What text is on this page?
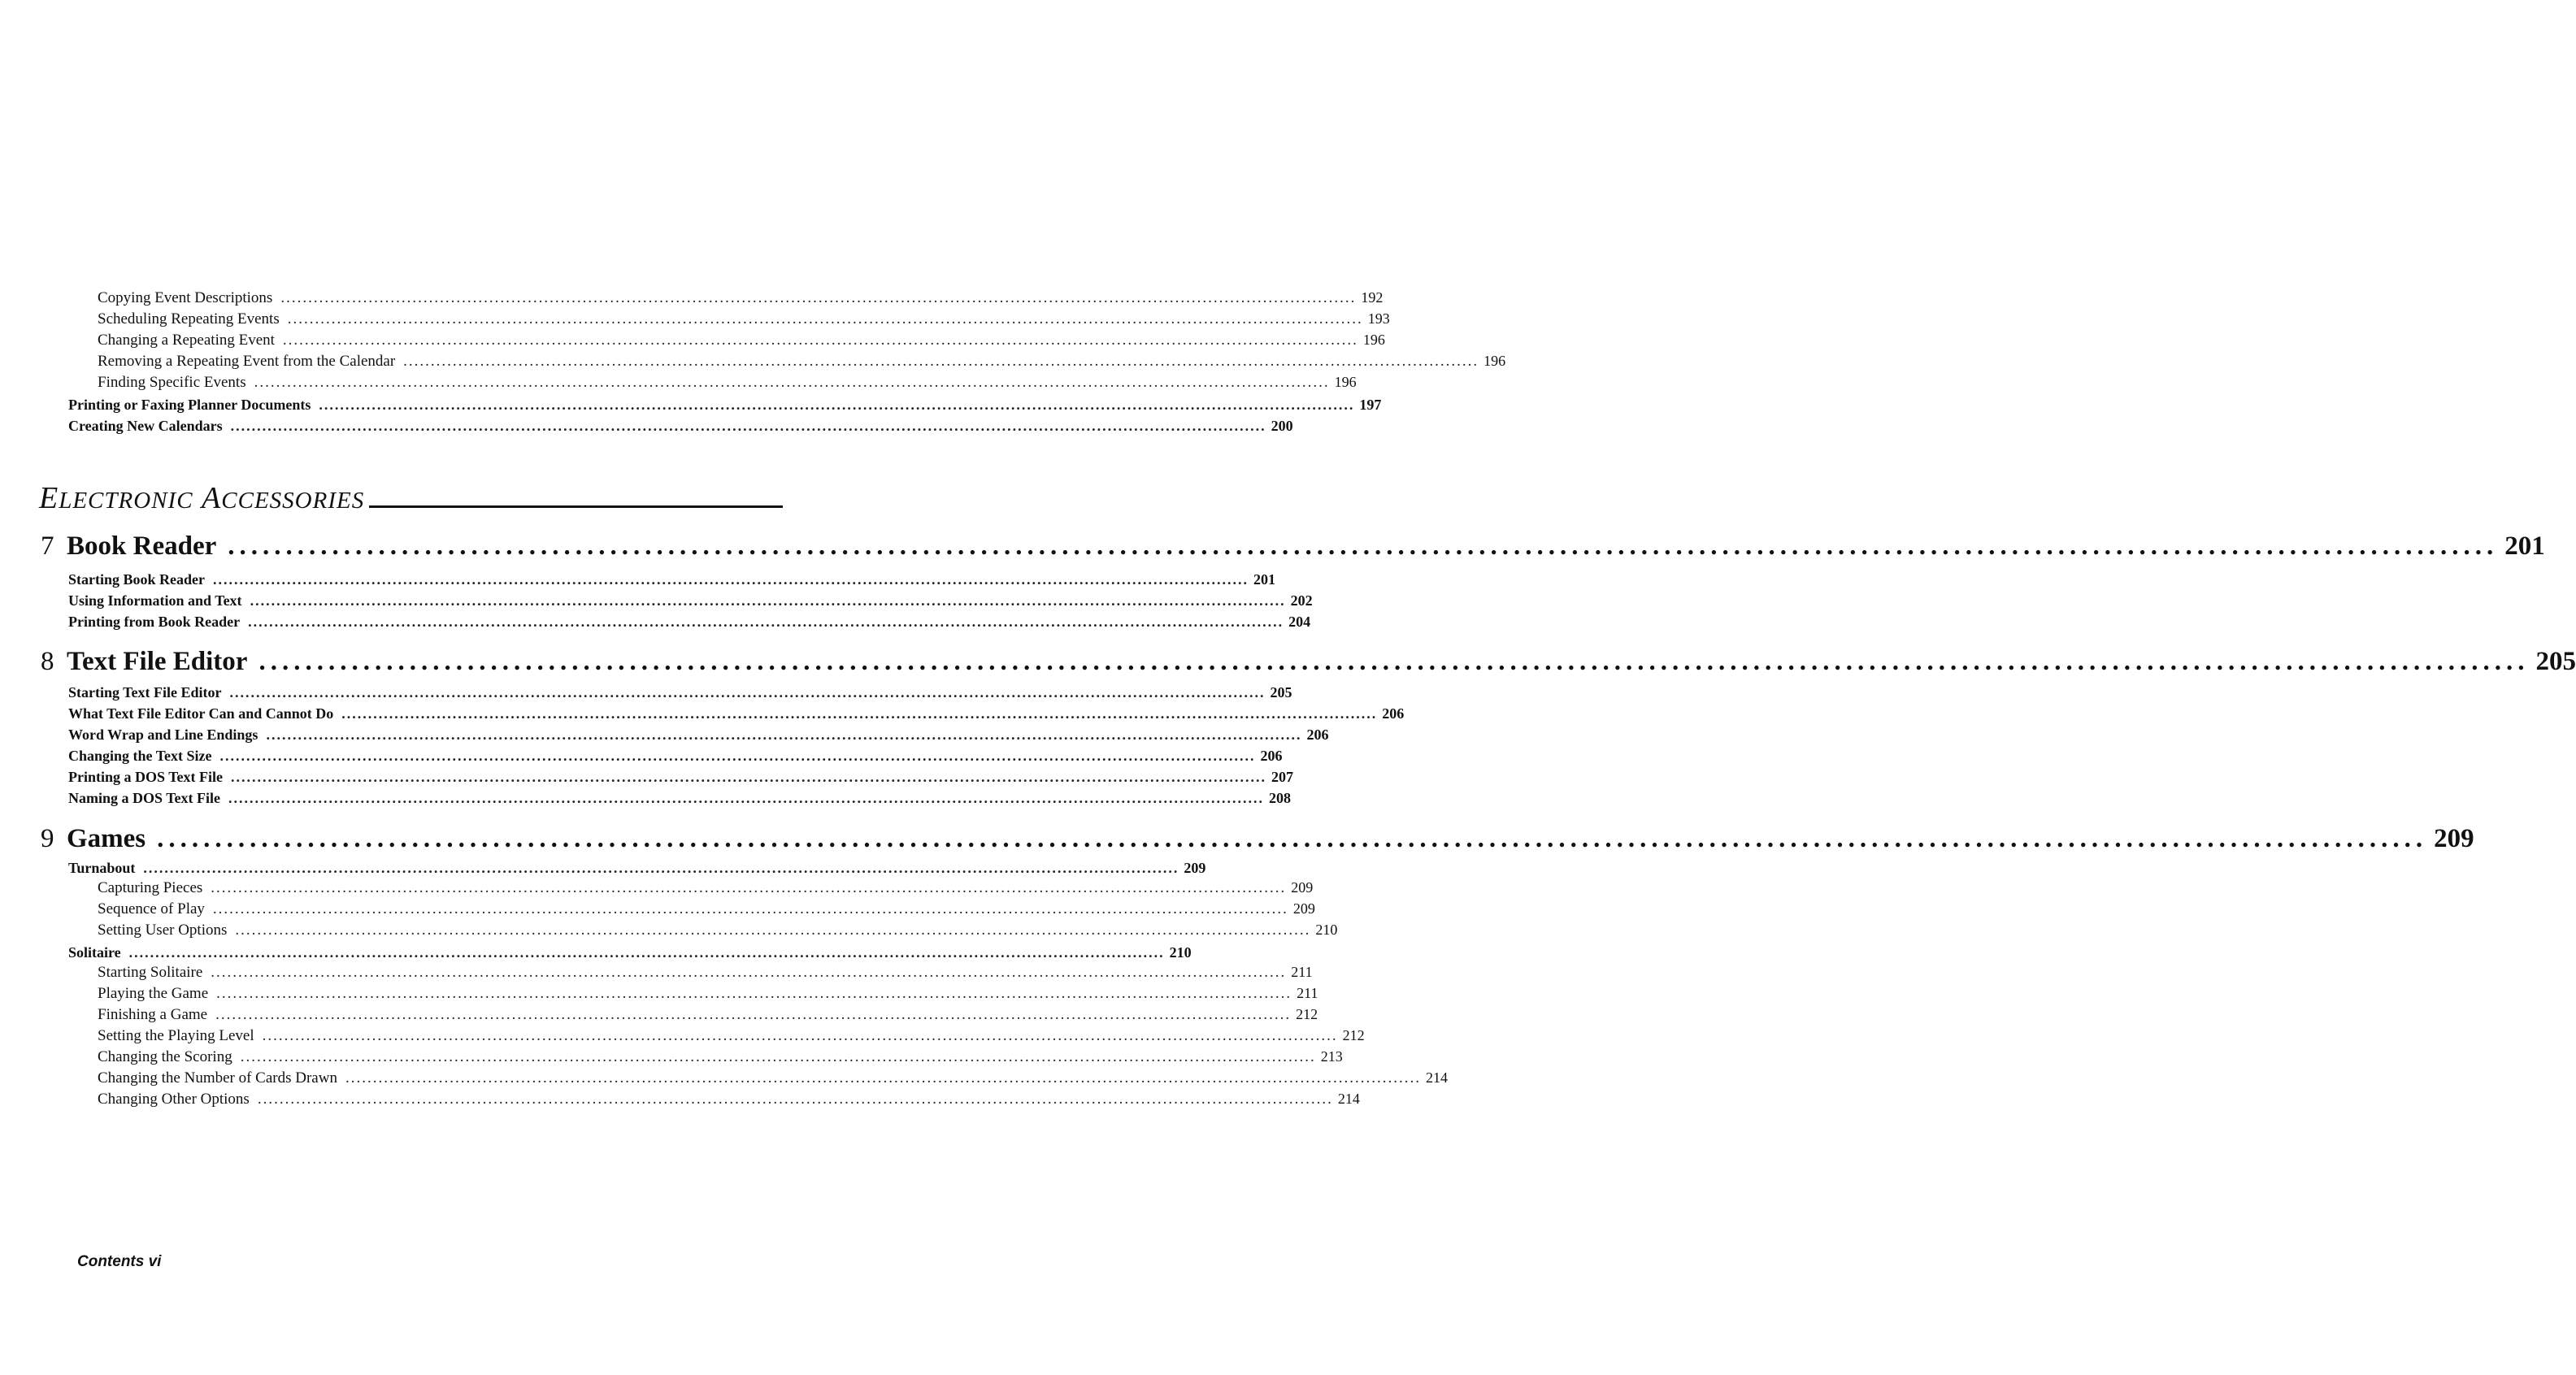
Copying Event Descriptions .................................................................................................................................................................................................... 192
Scheduling Repeating Events .................................................................................................................................................................................................... 193
Changing a Repeating Event .................................................................................................................................................................................................... 196
Removing a Repeating Event from the Calendar .................................................................................................................................................................................................... 196
Finding Specific Events .................................................................................................................................................................................................... 196
Printing or Faxing Planner Documents .................................................................................................................................................................................................... 197
Creating New Calendars .................................................................................................................................................................................................... 200
ELECTRONIC ACCESSORIES
7 Book Reader .................................................................................................................................................................................................... 201
Starting Book Reader .................................................................................................................................................................................................... 201
Using Information and Text .................................................................................................................................................................................................... 202
Printing from Book Reader .................................................................................................................................................................................................... 204
8 Text File Editor .................................................................................................................................................................................................... 205
Starting Text File Editor .................................................................................................................................................................................................... 205
What Text File Editor Can and Cannot Do .................................................................................................................................................................................................... 206
Word Wrap and Line Endings .................................................................................................................................................................................................... 206
Changing the Text Size .................................................................................................................................................................................................... 206
Printing a DOS Text File .................................................................................................................................................................................................... 207
Naming a DOS Text File .................................................................................................................................................................................................... 208
9 Games .................................................................................................................................................................................................... 209
Turnabout .................................................................................................................................................................................................... 209
Capturing Pieces .................................................................................................................................................................................................... 209
Sequence of Play .................................................................................................................................................................................................... 209
Setting User Options .................................................................................................................................................................................................... 210
Solitaire .................................................................................................................................................................................................... 210
Starting Solitaire .................................................................................................................................................................................................... 211
Playing the Game .................................................................................................................................................................................................... 211
Finishing a Game .................................................................................................................................................................................................... 212
Setting the Playing Level .................................................................................................................................................................................................... 212
Changing the Scoring .................................................................................................................................................................................................... 213
Changing the Number of Cards Drawn .................................................................................................................................................................................................... 214
Changing Other Options .................................................................................................................................................................................................... 214
Contents vi
